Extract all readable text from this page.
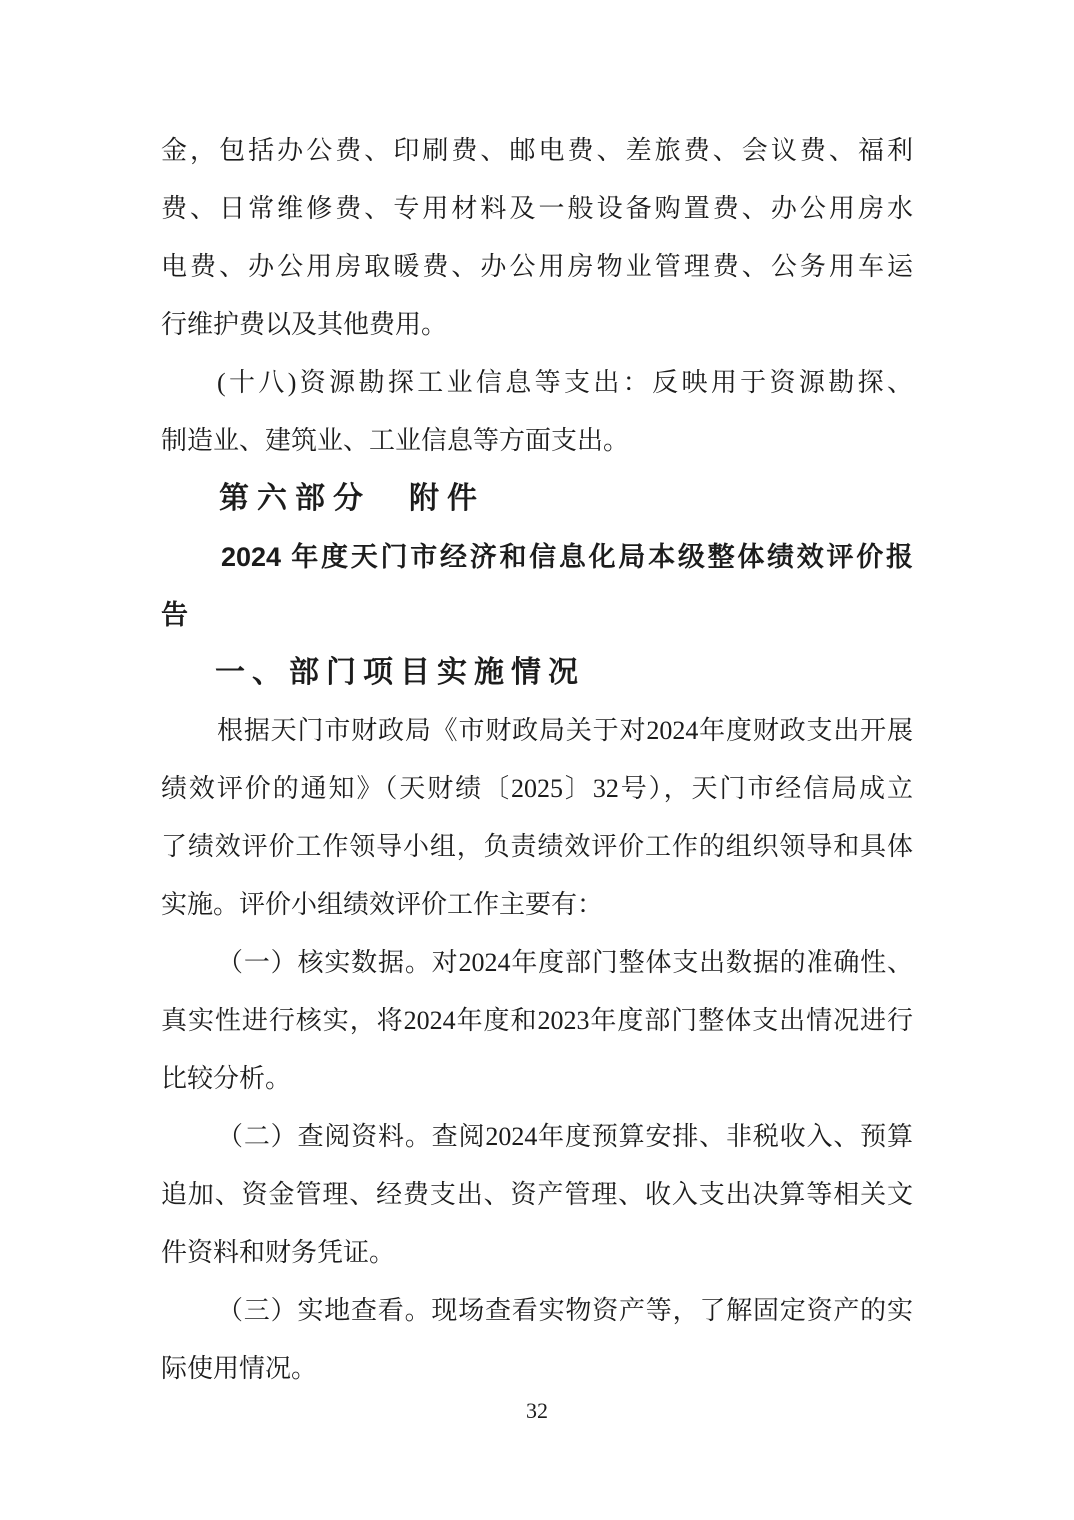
金，包括办公费、印刷费、邮电费、差旅费、会议费、福利
费、日常维修费、专用材料及一般设备购置费、办公用房水
电费、办公用房取暖费、办公用房物业管理费、公务用车运
行维护费以及其他费用。
(十八)资源勘探工业信息等支出：反映用于资源勘探、
制造业、建筑业、工业信息等方面支出。
第六部分　附件
2024 年度天门市经济和信息化局本级整体绩效评价报
告
一、部门项目实施情况
根据天门市财政局《市财政局关于对2024年度财政支出开展
绩效评价的通知》（天财绩〔2025〕32号），天门市经信局成立
了绩效评价工作领导小组，负责绩效评价工作的组织领导和具体
实施。评价小组绩效评价工作主要有：
（一）核实数据。对2024年度部门整体支出数据的准确性、
真实性进行核实，将2024年度和2023年度部门整体支出情况进行
比较分析。
（二）查阅资料。查阅2024年度预算安排、非税收入、预算
追加、资金管理、经费支出、资产管理、收入支出决算等相关文
件资料和财务凭证。
（三）实地查看。现场查看实物资产等，了解固定资产的实
际使用情况。
32
